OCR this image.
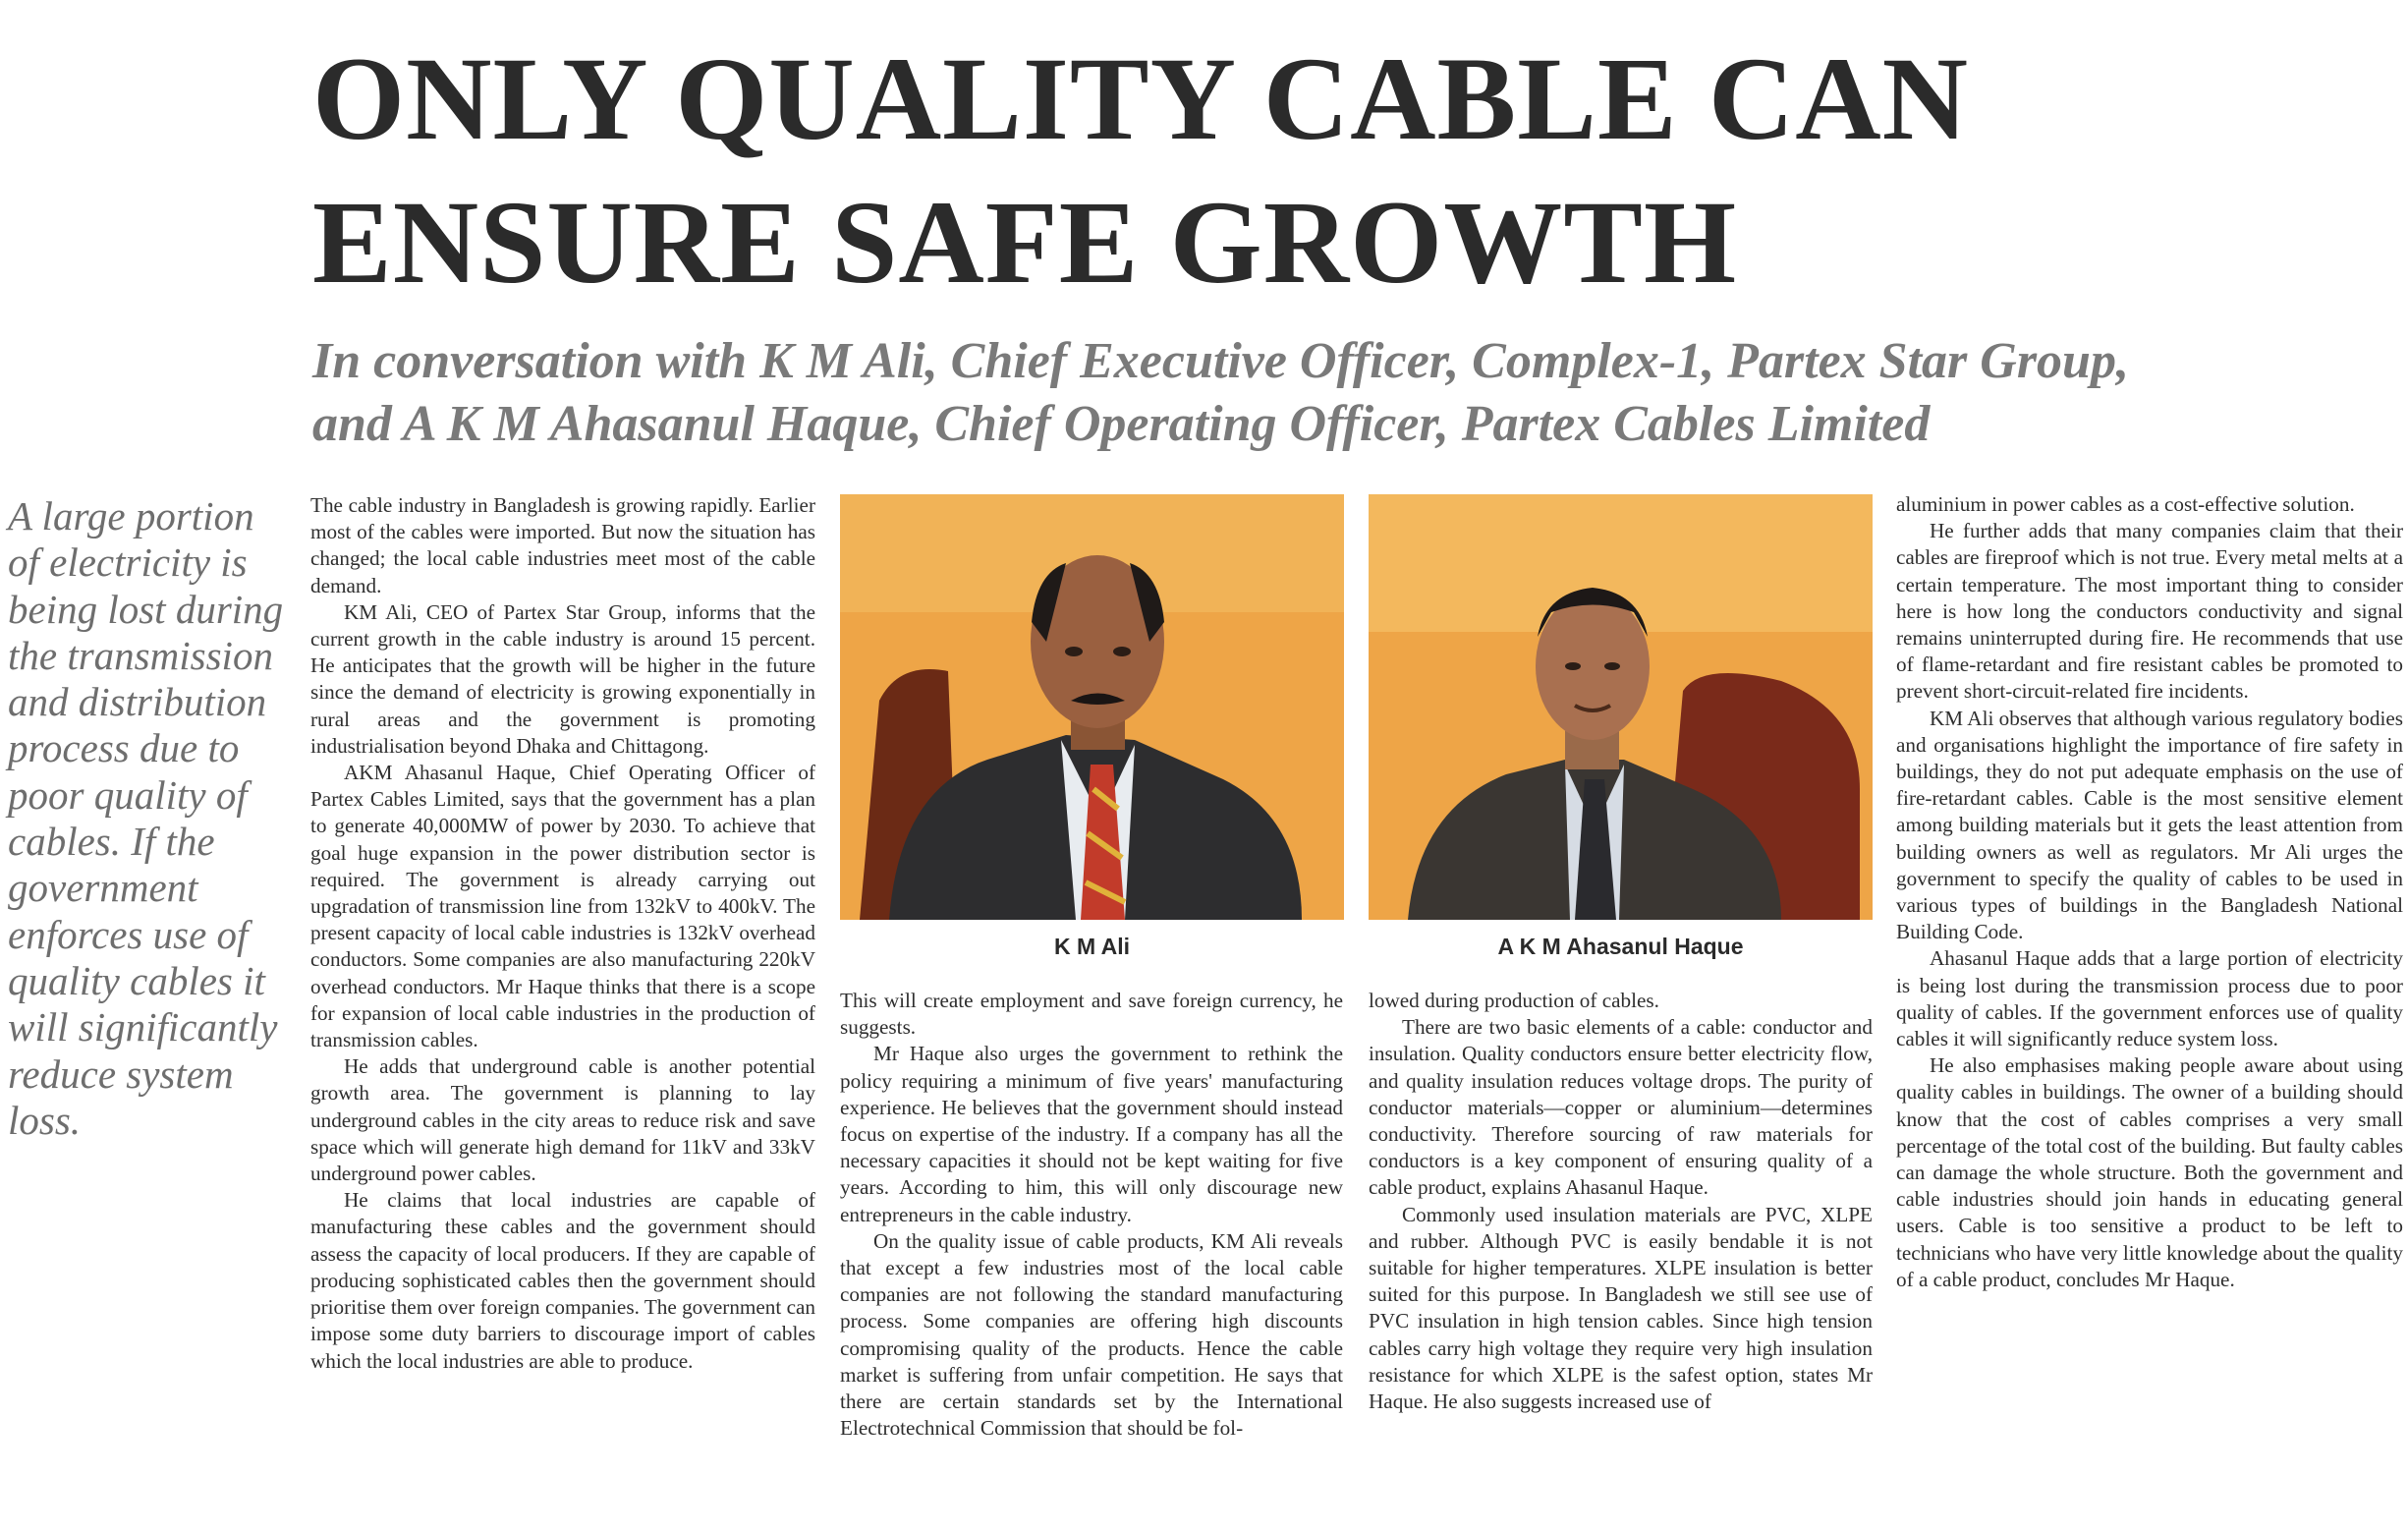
ONLY QUALITY CABLE CAN
ENSURE SAFE GROWTH
In conversation with K M Ali, Chief Executive Officer, Complex-1, Partex Star Group,
and A K M Ahasanul Haque, Chief Operating Officer, Partex Cables Limited

A large portion of electricity is being lost during the transmission and distribution process due to poor quality of cables. If the government enforces use of quality cables it will significantly reduce system loss.

The cable industry in Bangladesh is growing rapidly. Earlier most of the cables were imported. But now the situation has changed; the local cable industries meet most of the cable demand.

KM Ali, CEO of Partex Star Group, informs that the current growth in the cable industry is around 15 percent. He anticipates that the growth will be higher in the future since the demand of electricity is growing exponentially in rural areas and the government is promoting industrialisation beyond Dhaka and Chittagong.

AKM Ahasanul Haque, Chief Operating Officer of Partex Cables Limited, says that the government has a plan to generate 40,000MW of power by 2030. To achieve that goal huge expansion in the power distribution sector is required. The government is already carrying out upgradation of transmission line from 132kV to 400kV. The present capacity of local cable industries is 132kV overhead conductors. Some companies are also manufacturing 220kV overhead conductors. Mr Haque thinks that there is a scope for expansion of local cable industries in the production of transmission cables.

He adds that underground cable is another potential growth area. The government is planning to lay underground cables in the city areas to reduce risk and save space which will generate high demand for 11kV and 33kV underground power cables.

He claims that local industries are capable of manufacturing these cables and the government should assess the capacity of local producers. If they are capable of producing sophisticated cables then the government should prioritise them over foreign companies. The government can impose some duty barriers to discourage import of cables which the local industries are able to produce.

K M Ali	A K M Ahasanul Haque

This will create employment and save foreign currency, he suggests.

Mr Haque also urges the government to rethink the policy requiring a minimum of five years' manufacturing experience. He believes that the government should instead focus on expertise of the industry. If a company has all the necessary capacities it should not be kept waiting for five years. According to him, this will only discourage new entrepreneurs in the cable industry.

On the quality issue of cable products, KM Ali reveals that except a few industries most of the local cable companies are not following the standard manufacturing process. Some companies are offering high discounts compromising quality of the products. Hence the cable market is suffering from unfair competition. He says that there are certain standards set by the International Electrotechnical Commission that should be fol-

lowed during production of cables.

There are two basic elements of a cable: conductor and insulation. Quality conductors ensure better electricity flow, and quality insulation reduces voltage drops. The purity of conductor materials—copper or aluminium—determines conductivity. Therefore sourcing of raw materials for conductors is a key component of ensuring quality of a cable product, explains Ahasanul Haque.

Commonly used insulation materials are PVC, XLPE and rubber. Although PVC is easily bendable it is not suitable for higher temperatures. XLPE insulation is better suited for this purpose. In Bangladesh we still see use of PVC insulation in high tension cables. Since high tension cables carry high voltage they require very high insulation resistance for which XLPE is the safest option, states Mr Haque. He also suggests increased use of

aluminium in power cables as a cost-effective solution.

He further adds that many companies claim that their cables are fireproof which is not true. Every metal melts at a certain temperature. The most important thing to consider here is how long the conductors conductivity and signal remains uninterrupted during fire. He recommends that use of flame-retardant and fire resistant cables be promoted to prevent short-circuit-related fire incidents.

KM Ali observes that although various regulatory bodies and organisations highlight the importance of fire safety in buildings, they do not put adequate emphasis on the use of fire-retardant cables. Cable is the most sensitive element among building materials but it gets the least attention from building owners as well as regulators. Mr Ali urges the government to specify the quality of cables to be used in various types of buildings in the Bangladesh National Building Code.

Ahasanul Haque adds that a large portion of electricity is being lost during the transmission process due to poor quality of cables. If the government enforces use of quality cables it will significantly reduce system loss.

He also emphasises making people aware about using quality cables in buildings. The owner of a building should know that the cost of cables comprises a very small percentage of the total cost of the building. But faulty cables can damage the whole structure. Both the government and cable industries should join hands in educating general users. Cable is too sensitive a product to be left to technicians who have very little knowledge about the quality of a cable product, concludes Mr Haque.
